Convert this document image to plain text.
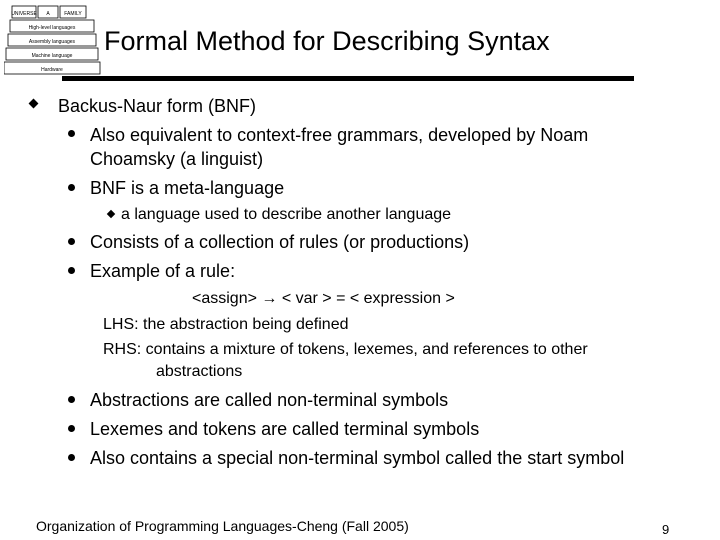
UNIVERSE A	FAMILY
High-level languages
Assembly languages
Machine language
Hardware
Formal Method for Describing Syntax
Backus-Naur form (BNF)
Also equivalent to context-free grammars, developed by Noam
Choamsky (a linguist)
BNF is a meta-language
a language used to describe another language
Consists of a collection of rules (or productions)
Example of a rule:
<assign> → < var > = < expression >
LHS: the abstraction being defined
RHS: contains a mixture of tokens, lexemes, and references to other
abstractions
Abstractions are called non-terminal symbols
Lexemes and tokens are called terminal symbols
Also contains a special non-terminal symbol called the start symbol
Organization of Programming Languages-Cheng (Fall 2005)	9
